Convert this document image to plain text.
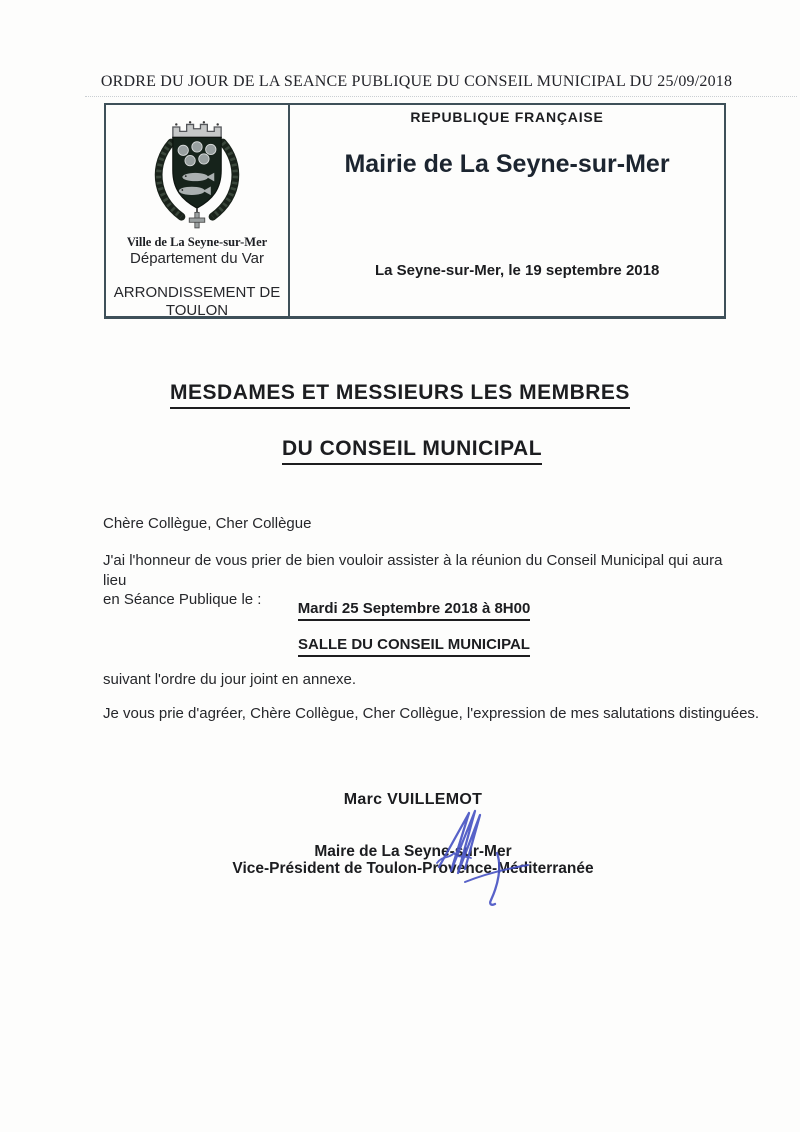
ORDRE DU JOUR DE LA SEANCE PUBLIQUE DU CONSEIL MUNICIPAL DU 25/09/2018
Ville de La Seyne-sur-Mer
Département du Var
ARRONDISSEMENT DE
TOULON
REPUBLIQUE FRANÇAISE
Mairie de La Seyne-sur-Mer
La Seyne-sur-Mer, le 19 septembre 2018
MESDAMES ET MESSIEURS LES MEMBRES
DU CONSEIL MUNICIPAL
Chère Collègue, Cher Collègue
J'ai l'honneur de vous prier de bien vouloir assister à la réunion du Conseil Municipal qui aura lieu
en Séance Publique le :
Mardi 25 Septembre 2018 à 8H00
SALLE DU CONSEIL MUNICIPAL
suivant l'ordre du jour joint en annexe.
Je vous prie d'agréer, Chère Collègue, Cher Collègue, l'expression de mes salutations distinguées.
Marc VUILLEMOT
Maire de La Seyne-sur-Mer
Vice-Président de Toulon-Provence-Méditerranée
